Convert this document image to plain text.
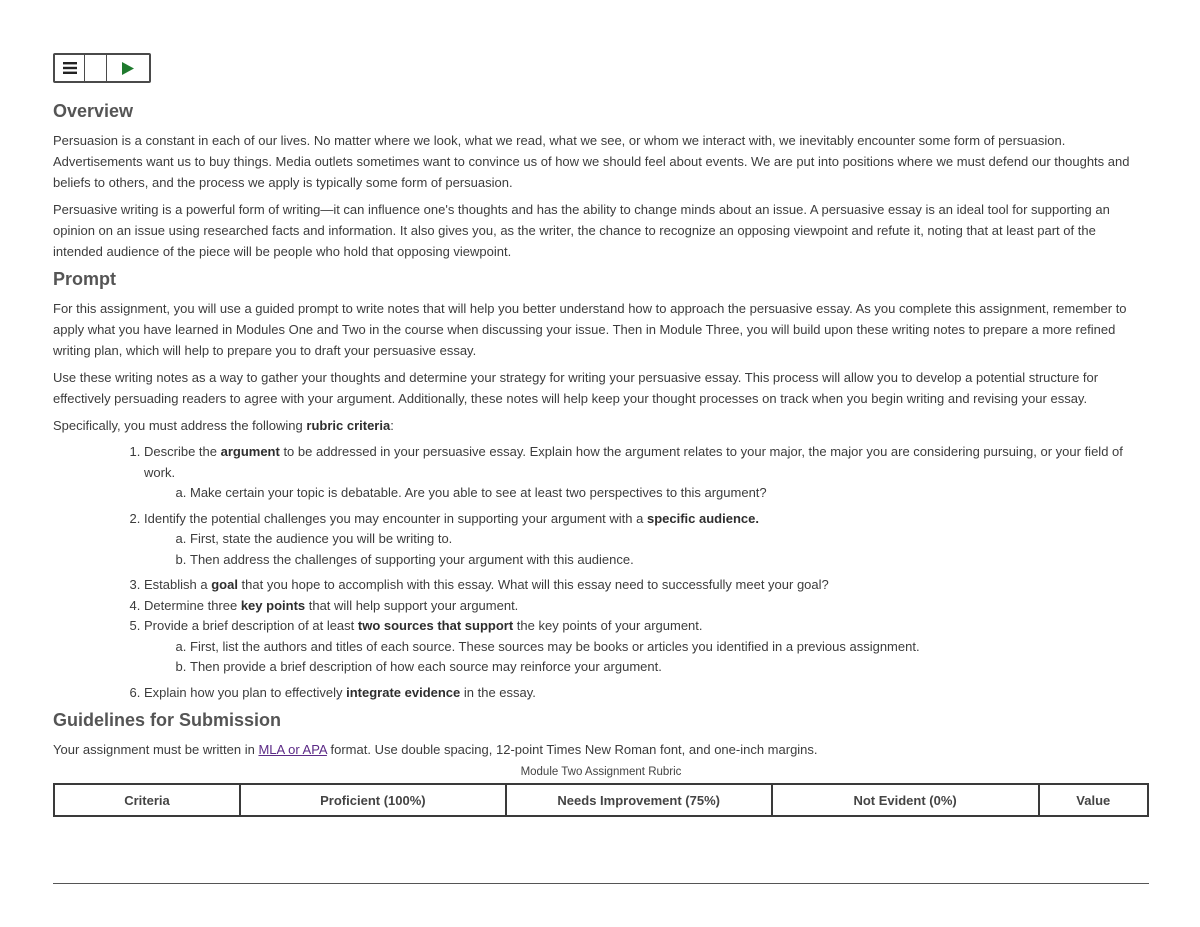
Overview

Persuasion is a constant in each of our lives. No matter where we look, what we read, what we see, or whom we interact with, we inevitably encounter some form of persuasion. Advertisements want us to buy things. Media outlets sometimes want to convince us of how we should feel about events. We are put into positions where we must defend our thoughts and beliefs to others, and the process we apply is typically some form of persuasion.

Persuasive writing is a powerful form of writing—it can influence one's thoughts and has the ability to change minds about an issue. A persuasive essay is an ideal tool for supporting an opinion on an issue using researched facts and information. It also gives you, as the writer, the chance to recognize an opposing viewpoint and refute it, noting that at least part of the intended audience of the piece will be people who hold that opposing viewpoint.

Prompt

For this assignment, you will use a guided prompt to write notes that will help you better understand how to approach the persuasive essay. As you complete this assignment, remember to apply what you have learned in Modules One and Two in the course when discussing your issue. Then in Module Three, you will build upon these writing notes to prepare a more refined writing plan, which will help to prepare you to draft your persuasive essay.

Use these writing notes as a way to gather your thoughts and determine your strategy for writing your persuasive essay. This process will allow you to develop a potential structure for effectively persuading readers to agree with your argument. Additionally, these notes will help keep your thought processes on track when you begin writing and revising your essay.

Specifically, you must address the following rubric criteria:

1. Describe the argument to be addressed in your persuasive essay. Explain how the argument relates to your major, the major you are considering pursuing, or your field of work.
a. Make certain your topic is debatable. Are you able to see at least two perspectives to this argument?
2. Identify the potential challenges you may encounter in supporting your argument with a specific audience.
a. First, state the audience you will be writing to.
b. Then address the challenges of supporting your argument with this audience.
3. Establish a goal that you hope to accomplish with this essay. What will this essay need to successfully meet your goal?
4. Determine three key points that will help support your argument.
5. Provide a brief description of at least two sources that support the key points of your argument.
a. First, list the authors and titles of each source. These sources may be books or articles you identified in a previous assignment.
b. Then provide a brief description of how each source may reinforce your argument.
6. Explain how you plan to effectively integrate evidence in the essay.
Guidelines for Submission

Your assignment must be written in MLA or APA format. Use double spacing, 12-point Times New Roman font, and one-inch margins.

Module Two Assignment Rubric
Criteria	Proficient (100%)	Needs Improvement (75%)	Not Evident (0%)	Value
